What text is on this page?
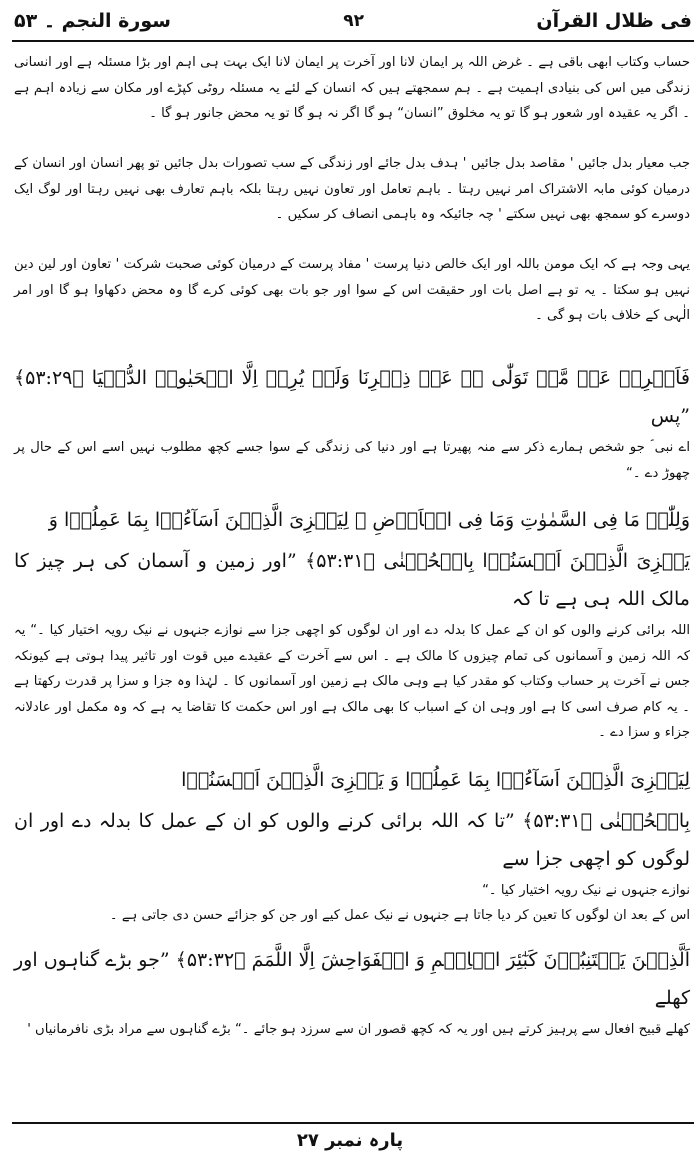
فی ظلال القرآن
۹۲
سورة النجم ۔ ۵۳

حساب وکتاب ابھی باقی ہے ۔ غرض اللہ پر ایمان لانا اور آخرت پر ایمان لانا ایک بہت ہی اہم اور بڑا مسئلہ ہے اور انسانی زندگی میں اس کی بنیادی اہمیت ہے ۔ ہم سمجھتے ہیں کہ انسان کے لئے یہ مسئلہ روٹی کپڑے اور مکان سے زیادہ اہم ہے ۔ اگر یہ عقیدہ اور شعور ہو گا تو یہ مخلوق ”انسان“ ہو گا اگر نہ ہو گا تو یہ محض جانور ہو گا ۔

جب معیار بدل جائیں ' مقاصد بدل جائیں ' ہدف بدل جائے اور زندگی کے سب تصورات بدل جائیں تو پھر انسان اور انسان کے درمیان کوئی مابہ الاشتراک امر نہیں رہتا ۔ باہم تعامل اور تعاون نہیں رہتا بلکہ باہم تعارف بھی نہیں رہتا اور لوگ ایک دوسرے کو سمجھ بھی نہیں سکتے ' چہ جائیکہ وہ باہمی انصاف کر سکیں ۔

یہی وجہ ہے کہ ایک مومن باللہ اور ایک خالص دنیا پرست ' مفاد پرست کے درمیان کوئی صحبت شرکت ' تعاون اور لین دین نہیں ہو سکتا ۔ یہ تو ہے اصل بات اور حقیقت اس کے سوا اور جو بات بھی کوئی کرے گا وہ محض دکھاوا ہو گا اور امر الٰہی کے خلاف بات ہو گی ۔

فَاَعۡرِضۡ عَنۡ مَّنۡ تَوَلّٰی ۬ۙ عَنۡ ذِکۡرِنَا وَلَمۡ یُرِدۡ اِلَّا الۡحَیٰوۃَ الدُّنۡیَا ﴿۵۳:۲۹﴾ ”پس

اے نبی ؐ جو شخص ہمارے ذکر سے منہ پھیرتا ہے اور دنیا کی زندگی کے سوا جسے کچھ مطلوب نہیں اسے اس کے حال پر چھوڑ دے ۔“

وَلِلّٰہِ مَا فِی السَّمٰوٰتِ وَمَا فِی الۡاَرۡضِ ۙ لِیَجۡزِیَ الَّذِیۡنَ اَسَآءُوۡا بِمَا عَمِلُوۡا وَ

یَجۡزِیَ الَّذِیۡنَ اَحۡسَنُوۡا بِالۡحُسۡنٰی ﴿۵۳:۳۱﴾ ”اور زمین و آسمان کی ہر چیز کا مالک اللہ ہی ہے تا کہ

اللہ برائی کرنے والوں کو ان کے عمل کا بدلہ دے اور ان لوگوں کو اچھی جزا سے نوازے جنہوں نے نیک رویہ اختیار کیا ۔“ یہ کہ اللہ زمین و آسمانوں کی تمام چیزوں کا مالک ہے ۔ اس سے آخرت کے عقیدے میں قوت اور تاثیر پیدا ہوتی ہے کیونکہ جس نے آخرت پر حساب وکتاب کو مقدر کیا ہے وہی مالک ہے زمین اور آسمانوں کا ۔ لہٰذا وہ جزا و سزا پر قدرت رکھتا ہے ۔ یہ کام صرف اسی کا ہے اور وہی ان کے اسباب کا بھی مالک ہے اور اس حکمت کا تقاضا یہ ہے کہ وہ مکمل اور عادلانہ جزاء و سزا دے ۔

لِیَجۡزِیَ الَّذِیۡنَ اَسَآءُوۡا بِمَا عَمِلُوۡا وَ یَجۡزِیَ الَّذِیۡنَ اَحۡسَنُوۡا

بِالۡحُسۡنٰی ﴿۵۳:۳۱﴾ ”تا کہ اللہ برائی کرنے والوں کو ان کے عمل کا بدلہ دے اور ان لوگوں کو اچھی جزا سے

نوازے جنہوں نے نیک رویہ اختیار کیا ۔“

اس کے بعد ان لوگوں کا تعین کر دیا جاتا ہے جنہوں نے نیک عمل کیے اور جن کو جزائے حسن دی جاتی ہے ۔

اَلَّذِیۡنَ یَجۡتَنِبُوۡنَ کَبٰٓئِرَ الۡاِثۡمِ وَ الۡفَوَاحِشَ اِلَّا اللَّمَمَ ﴿۵۳:۳۲﴾ ”جو بڑے گناہوں اور کھلے

کھلے قبیح افعال سے پرہیز کرتے ہیں اور یہ کہ کچھ قصور ان سے سرزد ہو جائے ۔“ بڑے گناہوں سے مراد بڑی نافرمانیاں '

پارہ نمبر ۲۷
